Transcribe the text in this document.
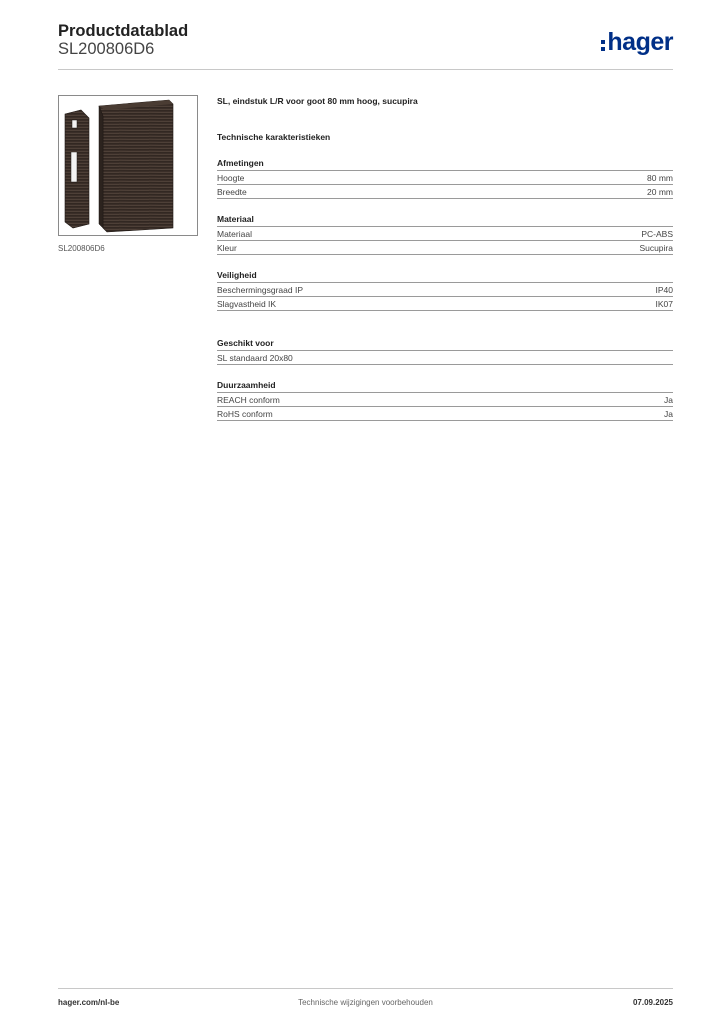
Productdatablad
SL200806D6	hager
SL200806D6
SL, eindstuk L/R voor goot 80 mm hoog, sucupira
Technische karakteristieken
Afmetingen
Hoogte	80 mm
Breedte	20 mm
Materiaal
Materiaal	PC-ABS
Kleur	Sucupira
Veiligheid
Beschermingsgraad IP	IP40
Slagvastheid IK	IK07
Geschikt voor
SL standaard 20x80
Duurzaamheid
REACH conform	Ja
RoHS conform	Ja
Technische wijzigingen voorbehouden
hager.com/nl-be	07.09.2025
